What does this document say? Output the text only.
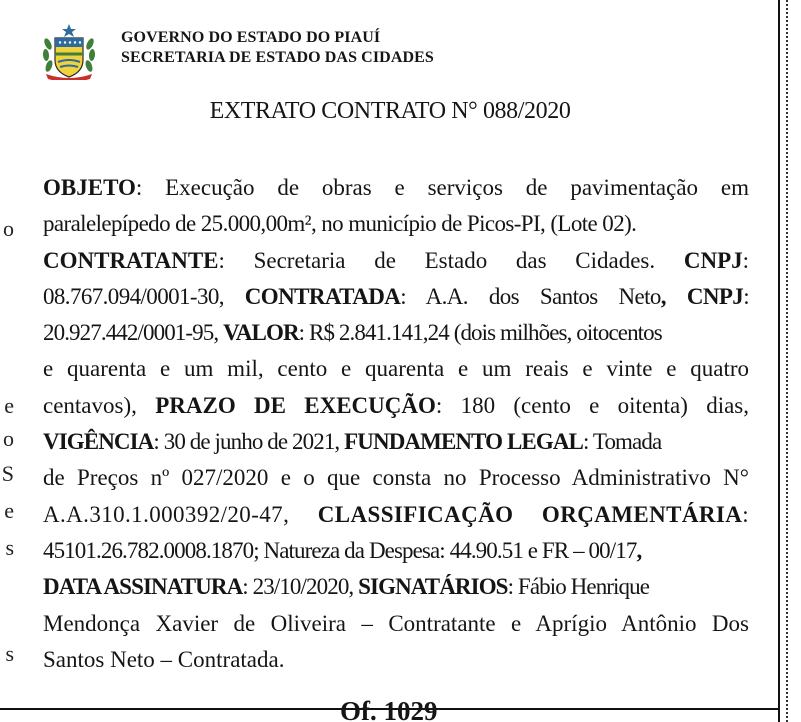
GOVERNO DO ESTADO DO PIAUÍ
SECRETARIA DE ESTADO DAS CIDADES
EXTRATO CONTRATO N° 088/2020
o
e
o
S
e
s
s
OBJETO: Execução de obras e serviços de pavimentação em
paralelepípedo de 25.000,00m², no município de Picos-PI, (Lote 02).
CONTRATANTE: Secretaria de Estado das Cidades. CNPJ:
08.767.094/0001-30, CONTRATADA: A.A. dos Santos Neto, CNPJ:
20.927.442/0001-95, VALOR: R$ 2.841.141,24 (dois milhões, oitocentos
e quarenta e um mil, cento e quarenta e um reais e vinte e quatro
centavos), PRAZO DE EXECUÇÃO: 180 (cento e oitenta) dias,
VIGÊNCIA: 30 de junho de 2021, FUNDAMENTO LEGAL: Tomada
de Preços nº 027/2020 e o que consta no Processo Administrativo N°
A.A.310.1.000392/20-47, CLASSIFICAÇÃO ORÇAMENTÁRIA:
45101.26.782.0008.1870; Natureza da Despesa: 44.90.51 e FR – 00/17,
DATA ASSINATURA: 23/10/2020, SIGNATÁRIOS: Fábio Henrique
Mendonça Xavier de Oliveira – Contratante e Aprígio Antônio Dos
Santos Neto – Contratada.
Of. 1029
